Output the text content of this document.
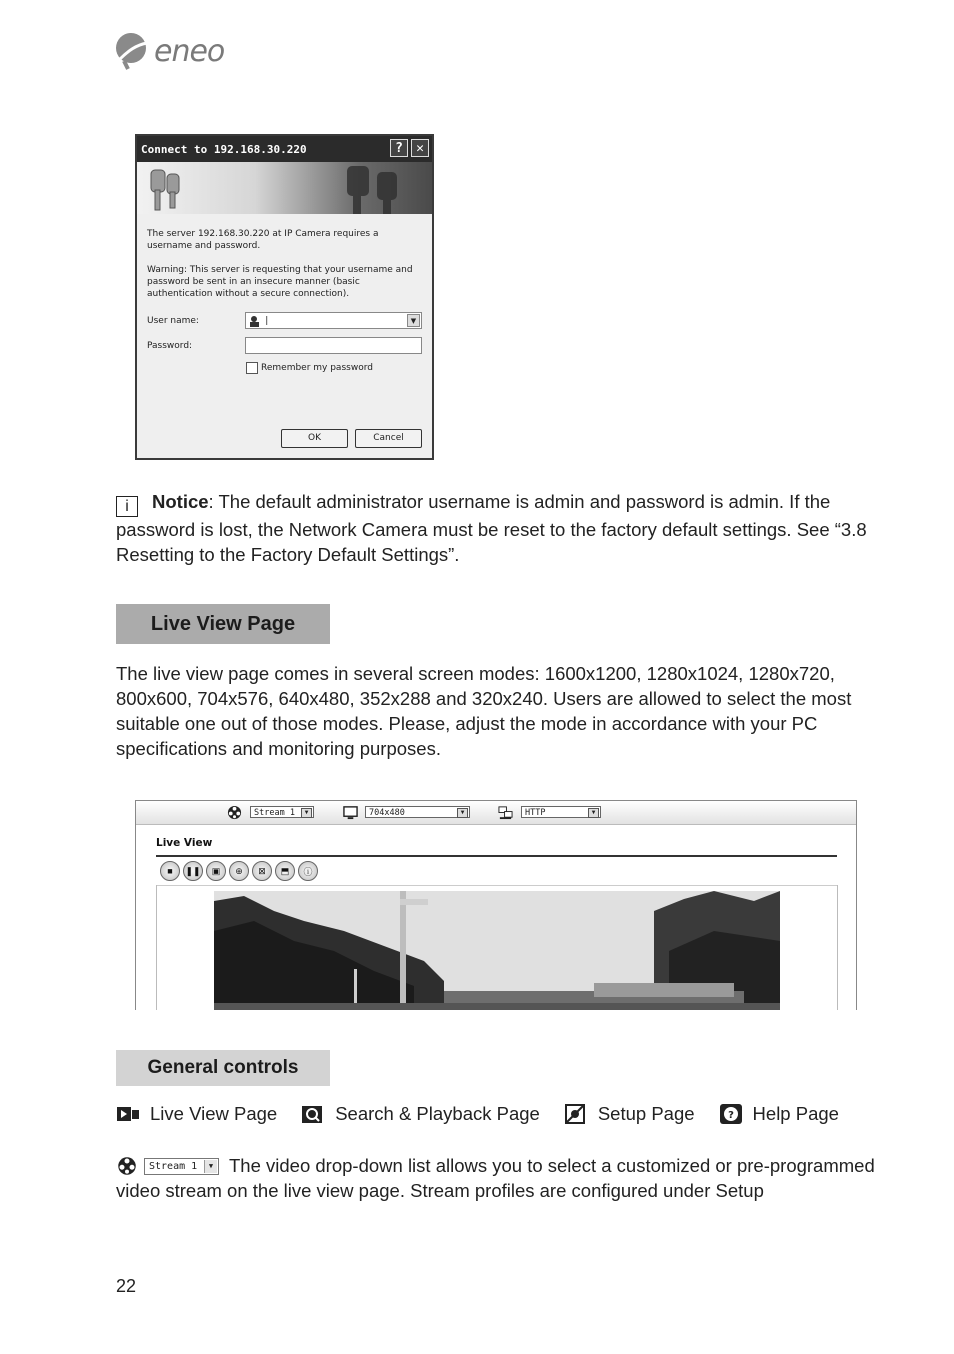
eneo
Connect to 192.168.30.220	?	✕

The server 192.168.30.220 at IP Camera requires a username and password.

Warning: This server is requesting that your username and password be sent in an insecure manner (basic authentication without a secure connection).

User name:	|	▼
Password:
Remember my password
OK	Cancel
i Notice: The default administrator username is admin and password is admin. If the password is lost, the Network Camera must be reset to the factory default settings. See “3.8 Resetting to the Factory Default Settings”.
Live View Page
The live view page comes in several screen modes: 1600x1200, 1280x1024, 1280x720, 800x600, 704x576, 640x480, 352x288 and 320x240. Users are allowed to select the most suitable one out of those modes. Please, adjust the mode in accordance with your PC specifications and monitoring purposes.
Stream 1	▼	704x480	▼	HTTP	▼
Live View
■	❚❚	▣	⊕	⊠	⬒	ⓘ
General controls
Live View Page	Search & Playback Page	Setup Page	? Help Page
Stream 1	▼ The video drop-down list allows you to select a customized or pre-programmed video stream on the live view page. Stream profiles are configured under Setup
22
